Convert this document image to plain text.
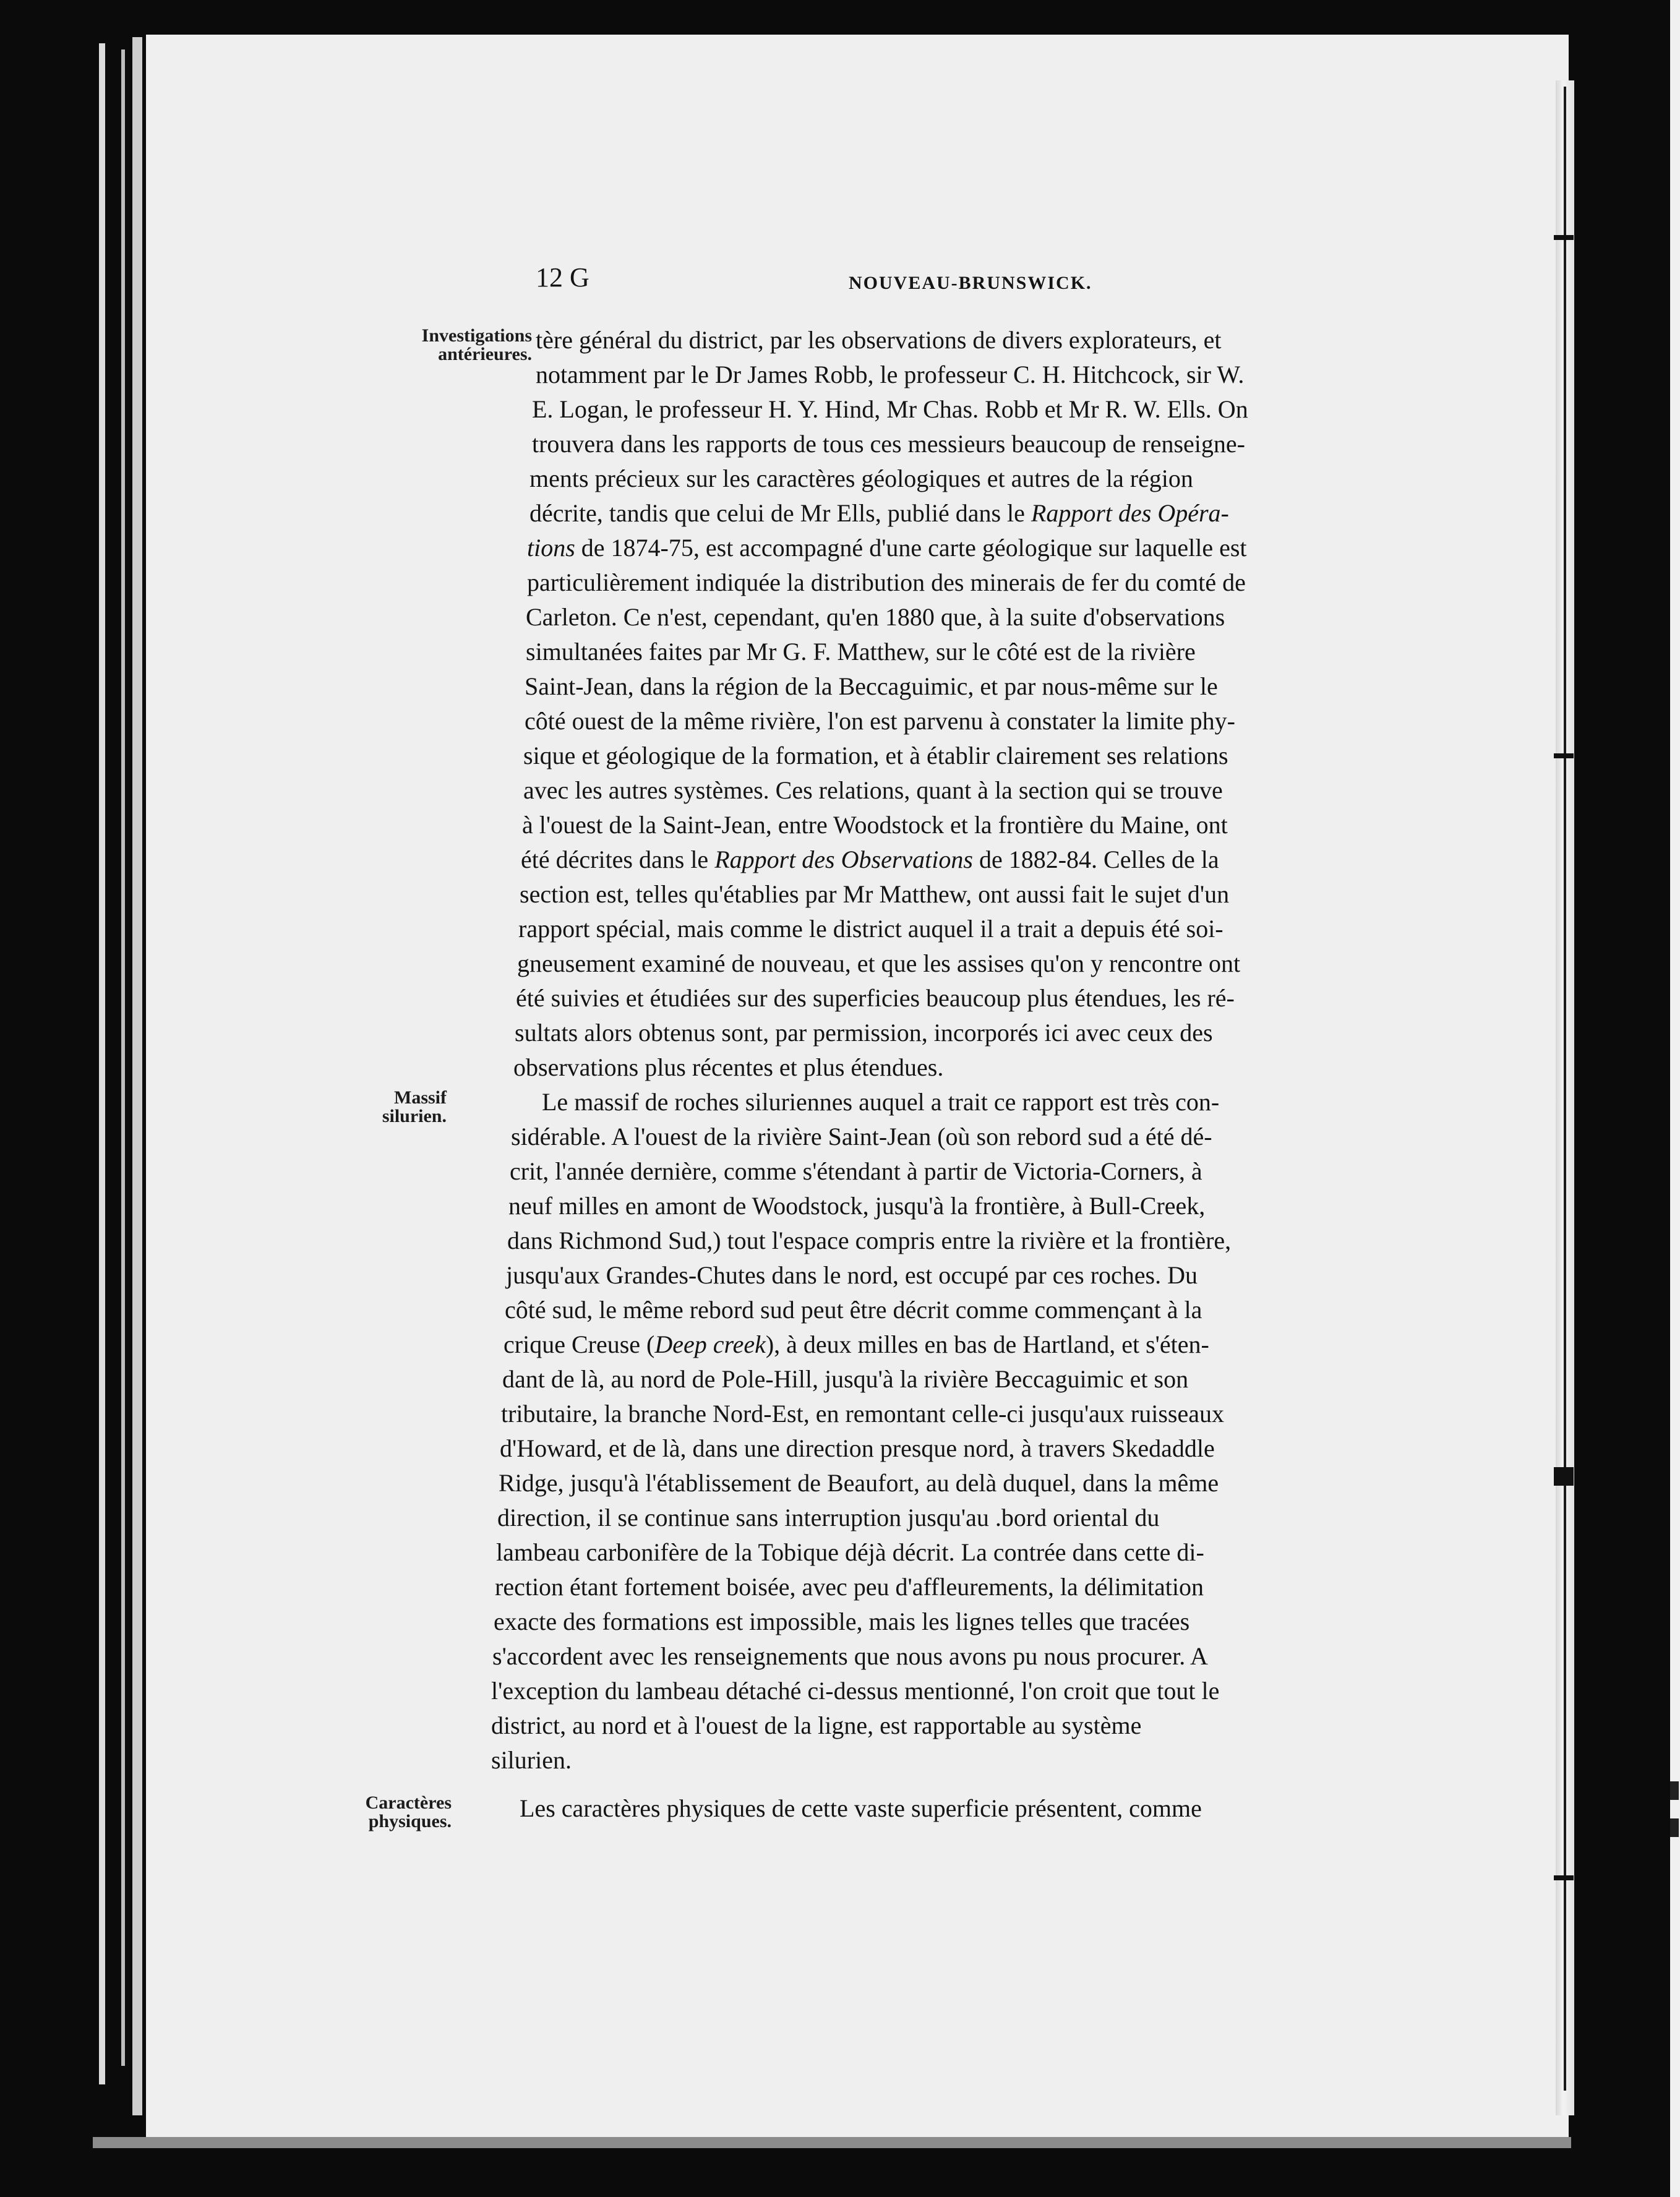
12 G	NOUVEAU-BRUNSWICK.
Investigations
antérieures.
Massif
silurien.
Caractères
physiques.
tère général du district, par les observations de divers explorateurs, et
notamment par le Dr James Robb, le professeur C. H. Hitchcock, sir W.
E. Logan, le professeur H. Y. Hind, Mr Chas. Robb et Mr R. W. Ells. On
trouvera dans les rapports de tous ces messieurs beaucoup de renseigne-
ments précieux sur les caractères géologiques et autres de la région
décrite, tandis que celui de Mr Ells, publié dans le Rapport des Opéra-
tions de 1874-75, est accompagné d'une carte géologique sur laquelle est
particulièrement indiquée la distribution des minerais de fer du comté de
Carleton. Ce n'est, cependant, qu'en 1880 que, à la suite d'observations
simultanées faites par Mr G. F. Matthew, sur le côté est de la rivière
Saint-Jean, dans la région de la Beccaguimic, et par nous-même sur le
côté ouest de la même rivière, l'on est parvenu à constater la limite phy-
sique et géologique de la formation, et à établir clairement ses relations
avec les autres systèmes. Ces relations, quant à la section qui se trouve
à l'ouest de la Saint-Jean, entre Woodstock et la frontière du Maine, ont
été décrites dans le Rapport des Observations de 1882-84. Celles de la
section est, telles qu'établies par Mr Matthew, ont aussi fait le sujet d'un
rapport spécial, mais comme le district auquel il a trait a depuis été soi-
gneusement examiné de nouveau, et que les assises qu'on y rencontre ont
été suivies et étudiées sur des superficies beaucoup plus étendues, les ré-
sultats alors obtenus sont, par permission, incorporés ici avec ceux des
observations plus récentes et plus étendues.
Le massif de roches siluriennes auquel a trait ce rapport est très con-
sidérable. A l'ouest de la rivière Saint-Jean (où son rebord sud a été dé-
crit, l'année dernière, comme s'étendant à partir de Victoria-Corners, à
neuf milles en amont de Woodstock, jusqu'à la frontière, à Bull-Creek,
dans Richmond Sud,) tout l'espace compris entre la rivière et la frontière,
jusqu'aux Grandes-Chutes dans le nord, est occupé par ces roches. Du
côté sud, le même rebord sud peut être décrit comme commençant à la
crique Creuse (Deep creek), à deux milles en bas de Hartland, et s'éten-
dant de là, au nord de Pole-Hill, jusqu'à la rivière Beccaguimic et son
tributaire, la branche Nord-Est, en remontant celle-ci jusqu'aux ruisseaux
d'Howard, et de là, dans une direction presque nord, à travers Skedaddle
Ridge, jusqu'à l'établissement de Beaufort, au delà duquel, dans la même
direction, il se continue sans interruption jusqu'au .bord oriental du
lambeau carbonifère de la Tobique déjà décrit. La contrée dans cette di-
rection étant fortement boisée, avec peu d'affleurements, la délimitation
exacte des formations est impossible, mais les lignes telles que tracées
s'accordent avec les renseignements que nous avons pu nous procurer. A
l'exception du lambeau détaché ci-dessus mentionné, l'on croit que tout le
district, au nord et à l'ouest de la ligne, est rapportable au système
silurien.
Les caractères physiques de cette vaste superficie présentent, comme
